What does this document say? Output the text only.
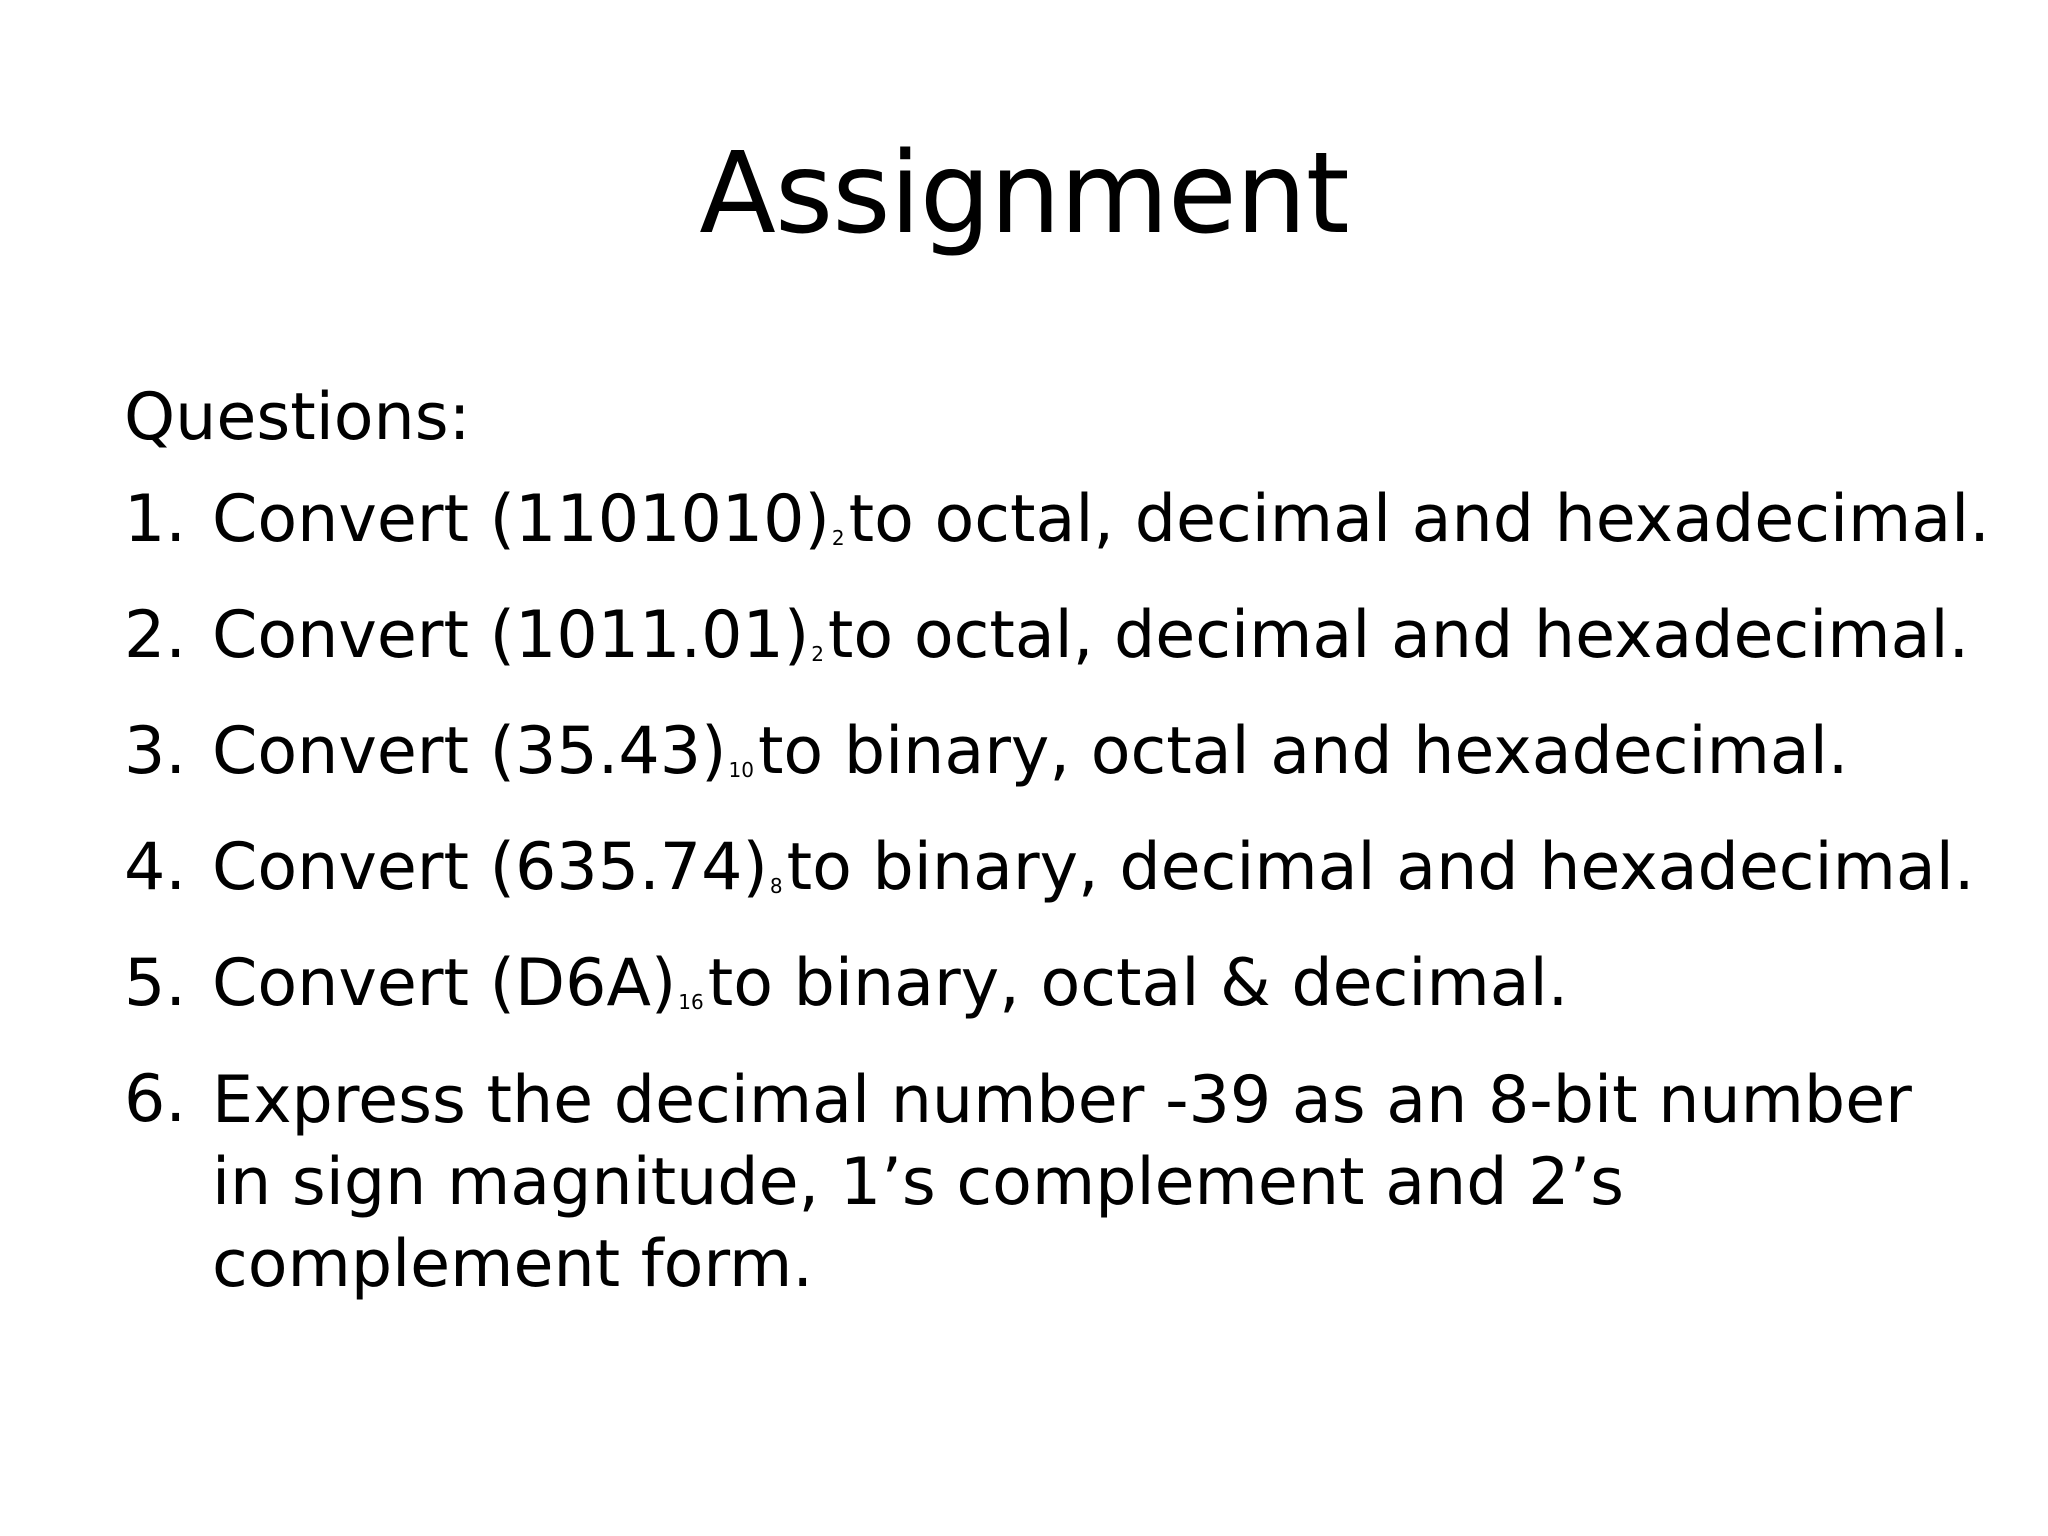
Assignment
Questions:
1. Convert (1101010) $_2$to octal, decimal and hexadecimal.
2. Convert (1011.01) $_2$to octal, decimal and hexadecimal.
3. Convert (35.43) $_{10}$to binary, octal and hexadecimal.
4. Convert (635.74) $_8$to binary, decimal and hexadecimal.
5. Convert (D6A) $_{16}$to binary, octal & decimal.
6. Express the decimal number -39 as an 8-bit number in sign magnitude, 1’s complement and 2’s complement form.
